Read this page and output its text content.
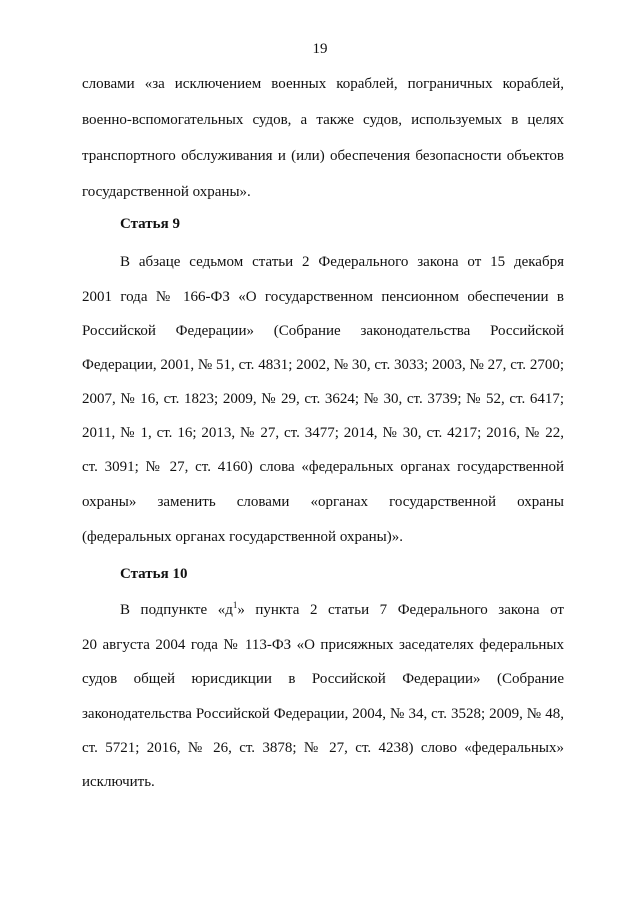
19
словами «за исключением военных кораблей, пограничных кораблей,
военно-вспомогательных судов, а также судов, используемых в целях
транспортного обслуживания и (или) обеспечения безопасности объектов
государственной охраны».
Статья 9
В абзаце седьмом статьи 2 Федерального закона от 15 декабря
2001 года № 166-ФЗ «О государственном пенсионном обеспечении в
Российской Федерации» (Собрание законодательства Российской
Федерации, 2001, № 51, ст. 4831; 2002, № 30, ст. 3033; 2003, № 27, ст. 2700;
2007, № 16, ст. 1823; 2009, № 29, ст. 3624; № 30, ст. 3739; № 52, ст. 6417;
2011, № 1, ст. 16; 2013, № 27, ст. 3477; 2014, № 30, ст. 4217; 2016, № 22,
ст. 3091; № 27, ст. 4160) слова «федеральных органах государственной
охраны» заменить словами «органах государственной охраны
(федеральных органах государственной охраны)».
Статья 10
В подпункте «$д^1$» пункта 2 статьи 7 Федерального закона от
20 августа 2004 года № 113-ФЗ «О присяжных заседателях федеральных
судов общей юрисдикции в Российской Федерации» (Собрание
законодательства Российской Федерации, 2004, № 34, ст. 3528; 2009, № 48,
ст. 5721; 2016, № 26, ст. 3878; № 27, ст. 4238) слово «федеральных»
исключить.
